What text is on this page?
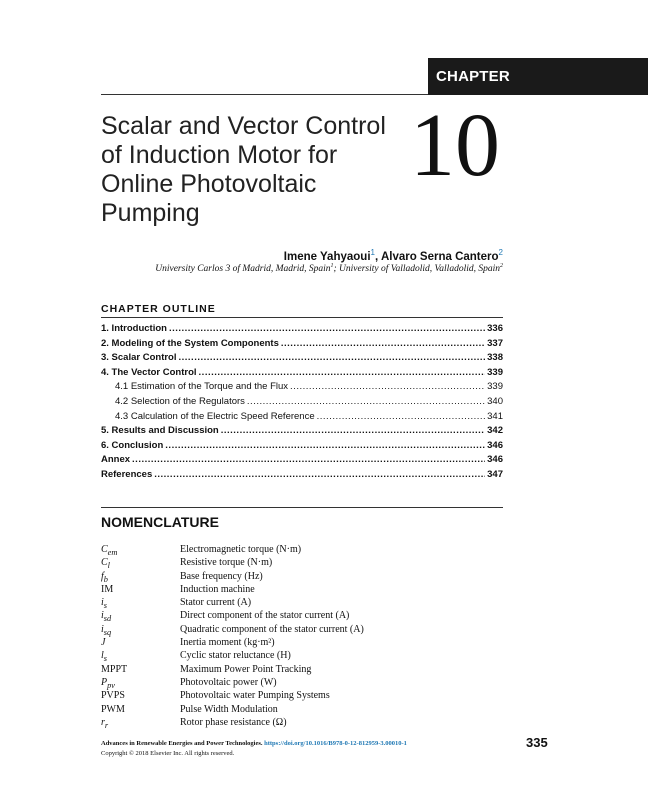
CHAPTER
Scalar and Vector Control
of Induction Motor for
Online Photovoltaic
Pumping
10
Imene Yahyaoui$^1$, Alvaro Serna Cantero$^2$
University Carlos 3 of Madrid, Madrid, Spain$^1$; University of Valladolid, Valladolid, Spain$^2$
CHAPTER OUTLINE
1. Introduction .....	336
2. Modeling of the System Components .....	337
3. Scalar Control .....	338
4. The Vector Control .....	339
4.1 Estimation of the Torque and the Flux .....	339
4.2 Selection of the Regulators .....	340
4.3 Calculation of the Electric Speed Reference .....	341
5. Results and Discussion .....	342
6. Conclusion .....	346
Annex .....	346
References .....	347
NOMENCLATURE
$C_{em}$	Electromagnetic torque (N·m)
$C_l$	Resistive torque (N·m)
$f_b$	Base frequency (Hz)
IM	Induction machine
$i_s$	Stator current (A)
$i_{sd}$	Direct component of the stator current (A)
$i_{sq}$	Quadratic component of the stator current (A)
J	Inertia moment (kg·m²)
$l_s$	Cyclic stator reluctance (H)
MPPT	Maximum Power Point Tracking
$P_{pv}$	Photovoltaic power (W)
PVPS	Photovoltaic water Pumping Systems
PWM	Pulse Width Modulation
$r_r$	Rotor phase resistance (Ω)
Advances in Renewable Energies and Power Technologies. https://doi.org/10.1016/B978-0-12-812959-3.00010-1
Copyright © 2018 Elsevier Inc. All rights reserved.
335
